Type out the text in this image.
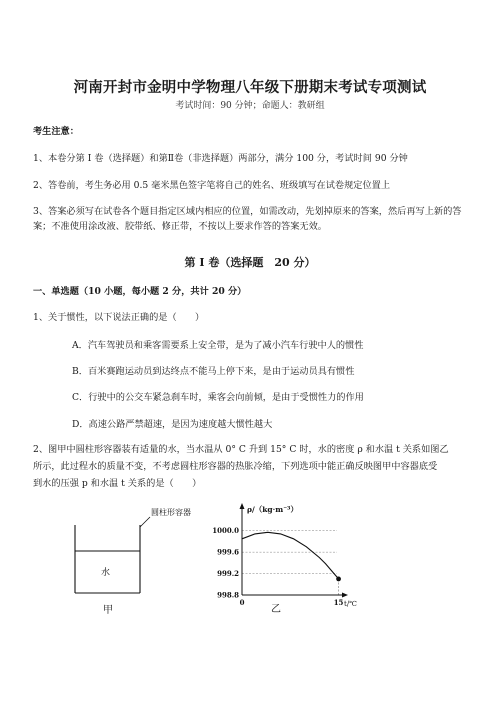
河南开封市金明中学物理八年级下册期末考试专项测试
考试时间：90 分钟；命题人：教研组
考生注意：
1、本卷分第 I 卷（选择题）和第Ⅱ卷（非选择题）两部分，满分 100 分，考试时间 90 分钟
2、答卷前，考生务必用 0.5 毫米黑色签字笔将自己的姓名、班级填写在试卷规定位置上
3、答案必须写在试卷各个题目指定区域内相应的位置，如需改动，先划掉原来的答案，然后再写上新的答案；不准使用涂改液、胶带纸、修正带，不按以上要求作答的答案无效。
第 I 卷（选择题　20 分）
一、单选题（10 小题，每小题 2 分，共计 20 分）
1、关于惯性，以下说法正确的是（　　）
A．汽车驾驶员和乘客需要系上安全带，是为了减小汽车行驶中人的惯性
B．百米赛跑运动员到达终点不能马上停下来，是由于运动员具有惯性
C．行驶中的公交车紧急刹车时，乘客会向前倾，是由于受惯性力的作用
D．高速公路严禁超速，是因为速度越大惯性越大
2、图甲中圆柱形容器装有适量的水，当水温从 0° C 升到 15° C 时，水的密度 ρ 和水温 t 关系如图乙
所示，此过程水的质量不变，不考虑圆柱形容器的热胀冷缩，下列选项中能正确反映图甲中容器底受
到水的压强 p 和水温 t 关系的是（　　）
圆柱形容器
水
甲
ρ/（kg·m⁻³）
t/℃
1000.0
999.6
999.2
998.8
0	15
乙
